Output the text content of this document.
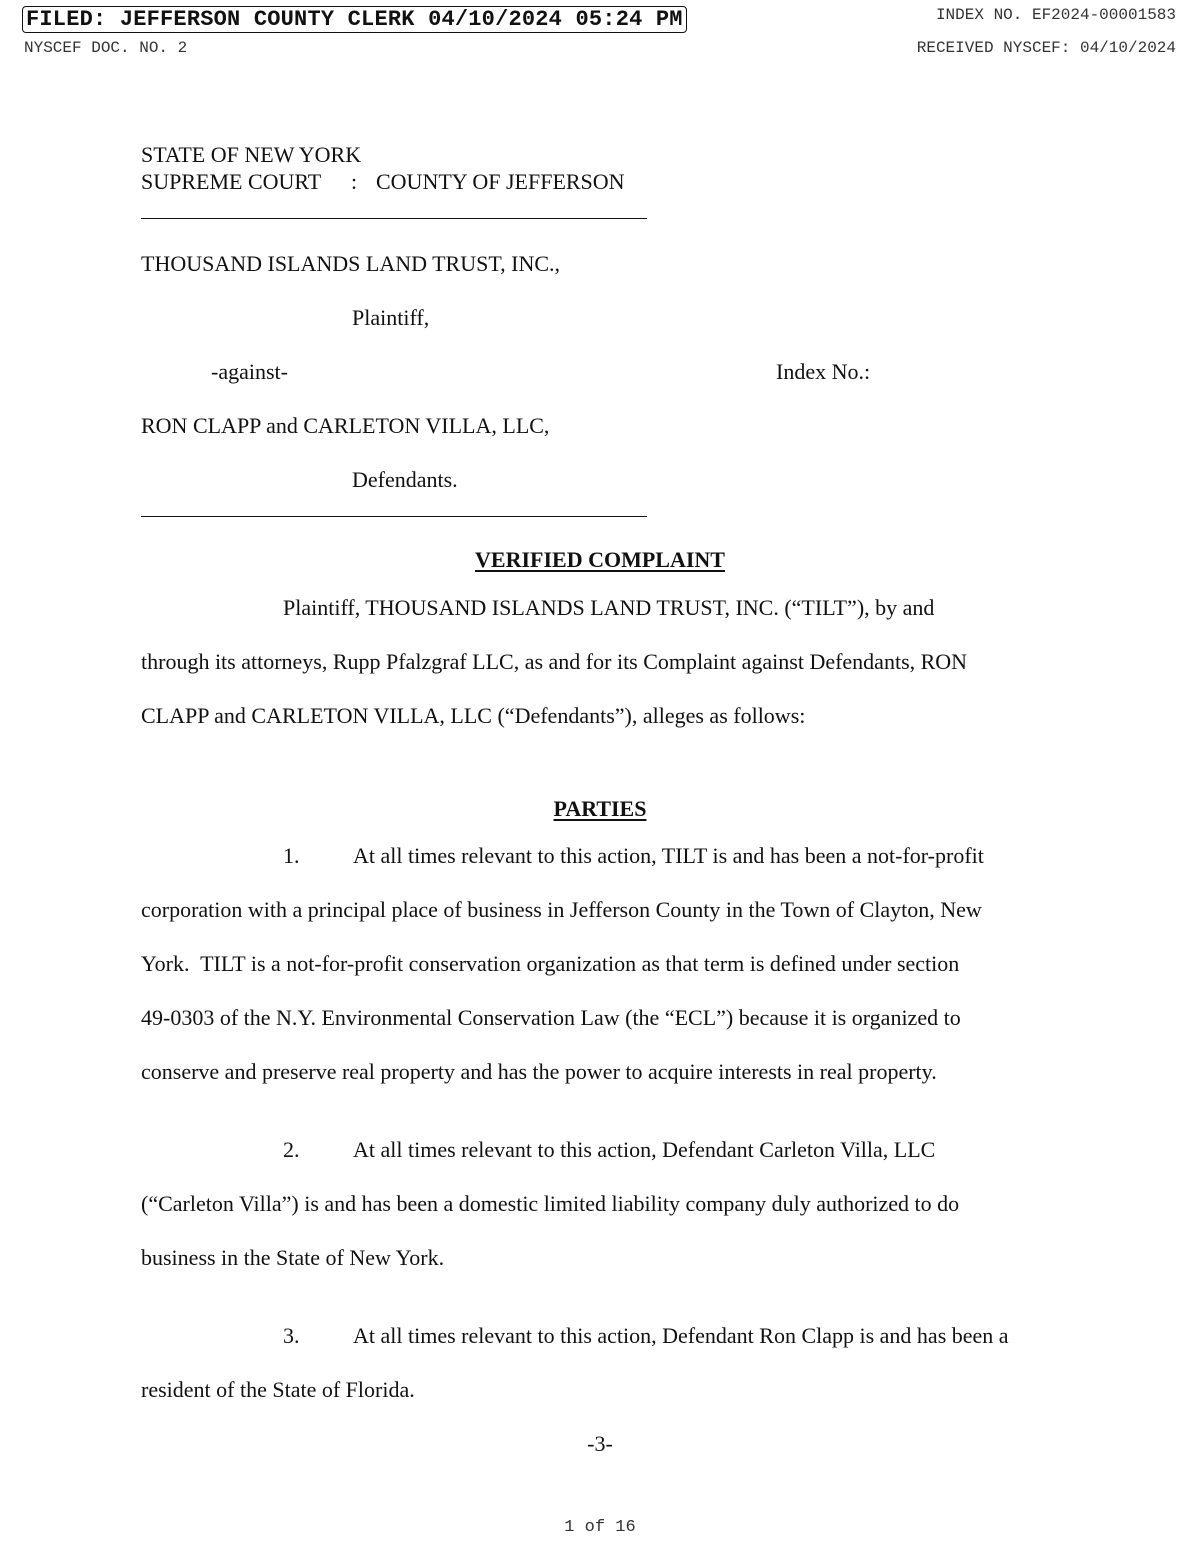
FILED: JEFFERSON COUNTY CLERK 04/10/2024 05:24 PM	INDEX NO. EF2024-00001583
NYSCEF DOC. NO. 2	RECEIVED NYSCEF: 04/10/2024
STATE OF NEW YORK
SUPREME COURT : COUNTY OF JEFFERSON
THOUSAND ISLANDS LAND TRUST, INC.,
Plaintiff,
-against-	Index No.:
RON CLAPP and CARLETON VILLA, LLC,
Defendants.
VERIFIED COMPLAINT
Plaintiff, THOUSAND ISLANDS LAND TRUST, INC. (“TILT”), by and
through its attorneys, Rupp Pfalzgraf LLC, as and for its Complaint against Defendants, RON
CLAPP and CARLETON VILLA, LLC (“Defendants”), alleges as follows:
PARTIES
1. At all times relevant to this action, TILT is and has been a not-for-profit
corporation with a principal place of business in Jefferson County in the Town of Clayton, New
York.  TILT is a not-for-profit conservation organization as that term is defined under section
49-0303 of the N.Y. Environmental Conservation Law (the “ECL”) because it is organized to
conserve and preserve real property and has the power to acquire interests in real property.
2. At all times relevant to this action, Defendant Carleton Villa, LLC
(“Carleton Villa”) is and has been a domestic limited liability company duly authorized to do
business in the State of New York.
3. At all times relevant to this action, Defendant Ron Clapp is and has been a
resident of the State of Florida.
-3-
1 of 16
